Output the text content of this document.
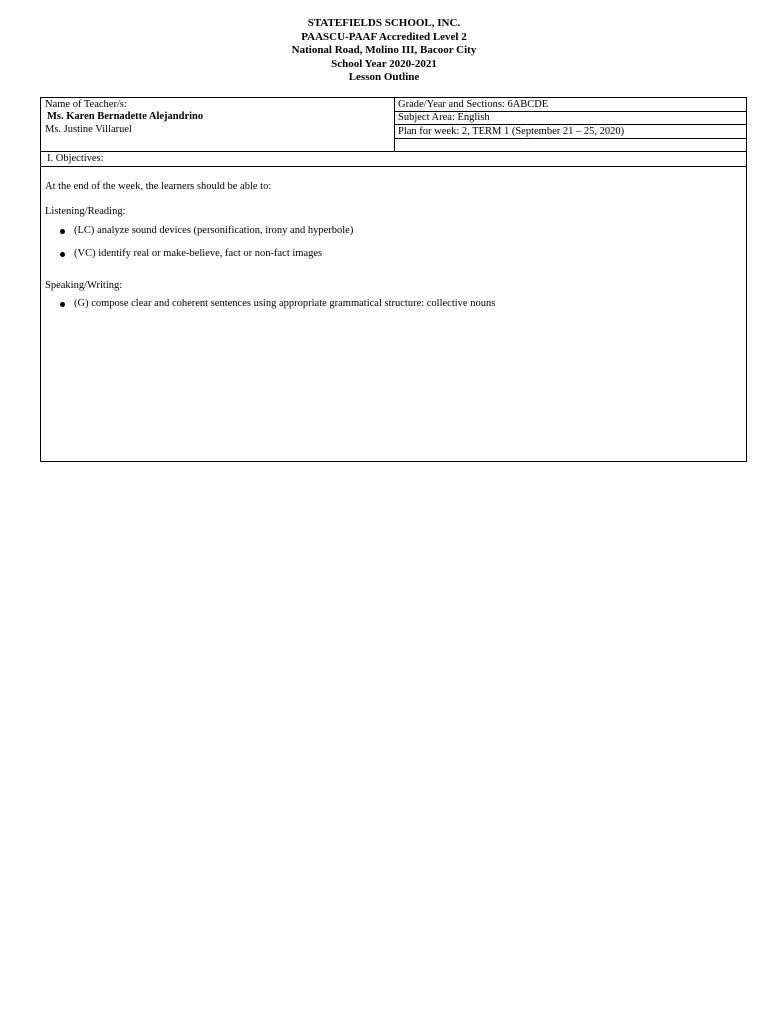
STATEFIELDS SCHOOL, INC.
PAASCU-PAAF Accredited Level 2
National Road, Molino III, Bacoor City
School Year 2020-2021
Lesson Outline
Name of Teacher/s:
Ms. Karen Bernadette Alejandrino
Ms. Justine Villaruel
Grade/Year and Sections: 6ABCDE
Subject Area: English
Plan for week: 2, TERM 1 (September 21 – 25, 2020)
I. Objectives:
At the end of the week, the learners should be able to:
Listening/Reading:
(LC) analyze sound devices (personification, irony and hyperbole)
(VC) identify real or make-believe, fact or non-fact images
Speaking/Writing:
(G) compose clear and coherent sentences using appropriate grammatical structure: collective nouns
